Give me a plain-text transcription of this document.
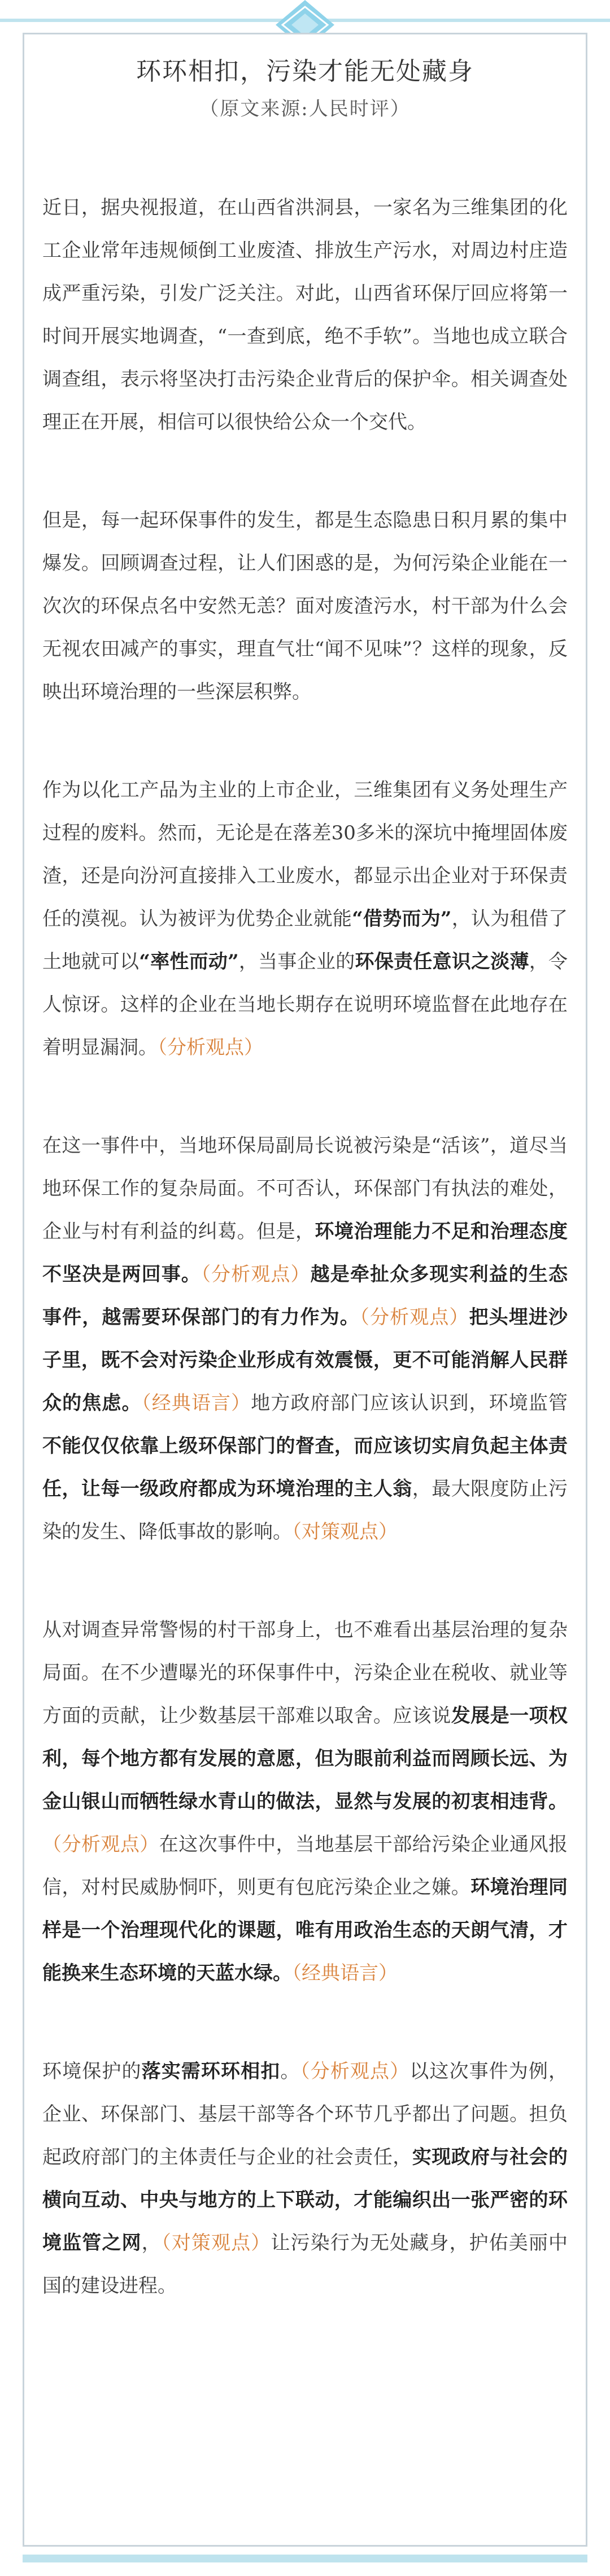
环环相扣，污染才能无处藏身
（原文来源:人民时评）

近日，据央视报道，在山西省洪洞县，一家名为三维集团的化工企业常年违规倾倒工业废渣、排放生产污水，对周边村庄造成严重污染，引发广泛关注。对此，山西省环保厅回应将第一时间开展实地调查，“一查到底，绝不手软”。当地也成立联合调查组，表示将坚决打击污染企业背后的保护伞。相关调查处理正在开展，相信可以很快给公众一个交代。

但是，每一起环保事件的发生，都是生态隐患日积月累的集中爆发。回顾调查过程，让人们困惑的是，为何污染企业能在一次次的环保点名中安然无恙？面对废渣污水，村干部为什么会无视农田减产的事实，理直气壮“闻不见味”？这样的现象，反映出环境治理的一些深层积弊。

作为以化工产品为主业的上市企业，三维集团有义务处理生产过程的废料。然而，无论是在落差30多米的深坑中掩埋固体废渣，还是向汾河直接排入工业废水，都显示出企业对于环保责任的漠视。认为被评为优势企业就能“借势而为”，认为租借了土地就可以“率性而动”，当事企业的环保责任意识之淡薄，令人惊讶。这样的企业在当地长期存在说明环境监督在此地存在着明显漏洞。（分析观点）

在这一事件中，当地环保局副局长说被污染是“活该”，道尽当地环保工作的复杂局面。不可否认，环保部门有执法的难处，企业与村有利益的纠葛。但是，环境治理能力不足和治理态度不坚决是两回事。（分析观点）越是牵扯众多现实利益的生态事件，越需要环保部门的有力作为。（分析观点）把头埋进沙子里，既不会对污染企业形成有效震慑，更不可能消解人民群众的焦虑。（经典语言）地方政府部门应该认识到，环境监管不能仅仅依靠上级环保部门的督查，而应该切实肩负起主体责任，让每一级政府都成为环境治理的主人翁，最大限度防止污染的发生、降低事故的影响。（对策观点）

从对调查异常警惕的村干部身上，也不难看出基层治理的复杂局面。在不少遭曝光的环保事件中，污染企业在税收、就业等方面的贡献，让少数基层干部难以取舍。应该说发展是一项权利，每个地方都有发展的意愿，但为眼前利益而罔顾长远、为金山银山而牺牲绿水青山的做法，显然与发展的初衷相违背。（分析观点）在这次事件中，当地基层干部给污染企业通风报信，对村民威胁恫吓，则更有包庇污染企业之嫌。环境治理同样是一个治理现代化的课题，唯有用政治生态的天朗气清，才能换来生态环境的天蓝水绿。（经典语言）

环境保护的落实需环环相扣。（分析观点）以这次事件为例，企业、环保部门、基层干部等各个环节几乎都出了问题。担负起政府部门的主体责任与企业的社会责任，实现政府与社会的横向互动、中央与地方的上下联动，才能编织出一张严密的环境监管之网，（对策观点）让污染行为无处藏身，护佑美丽中国的建设进程。
